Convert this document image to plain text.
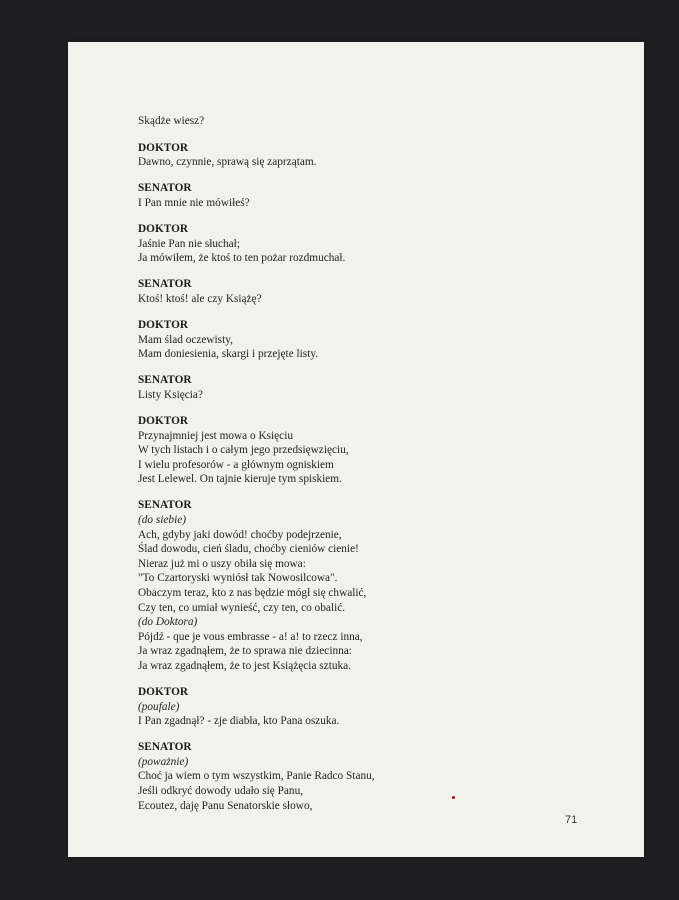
Skądże wiesz?
DOKTOR
Dawno, czynnie, sprawą się zaprzątam.
SENATOR
I Pan mnie nie mówiłeś?
DOKTOR
Jaśnie Pan nie słuchał;
Ja mówiłem, że ktoś to ten pożar rozdmuchał.
SENATOR
Ktoś! ktoś! ale czy Książę?
DOKTOR
Mam ślad oczewisty,
Mam doniesienia, skargi i przejęte listy.
SENATOR
Listy Księcia?
DOKTOR
Przynajmniej jest mowa o Księciu
W tych listach i o całym jego przedsięwzięciu,
I wielu profesorów - a głównym ogniskiem
Jest Lelewel. On tajnie kieruje tym spiskiem.
SENATOR
(do siebie)
Ach, gdyby jaki dowód! choćby podejrzenie,
Ślad dowodu, cień śladu, choćby cieniów cienie!
Nieraz już mi o uszy obiła się mowa:
"To Czartoryski wyniósł tak Nowosilcowa".
Obaczym teraz, kto z nas będzie mógł się chwalić,
Czy ten, co umiał wynieść, czy ten, co obalić.
(do Doktora)
Pójdź - que je vous embrasse - a! a! to rzecz inna,
Ja wraz zgadnąłem, że to sprawa nie dziecinna:
Ja wraz zgadnąłem, że to jest Książęcia sztuka.
DOKTOR
(poufale)
I Pan zgadnął? - zje diabła, kto Pana oszuka.
SENATOR
(poważnie)
Choć ja wiem o tym wszystkim, Panie Radco Stanu,
Jeśli odkryć dowody udało się Panu,
Ecoutez, daję Panu Senatorskie słowo,
71
